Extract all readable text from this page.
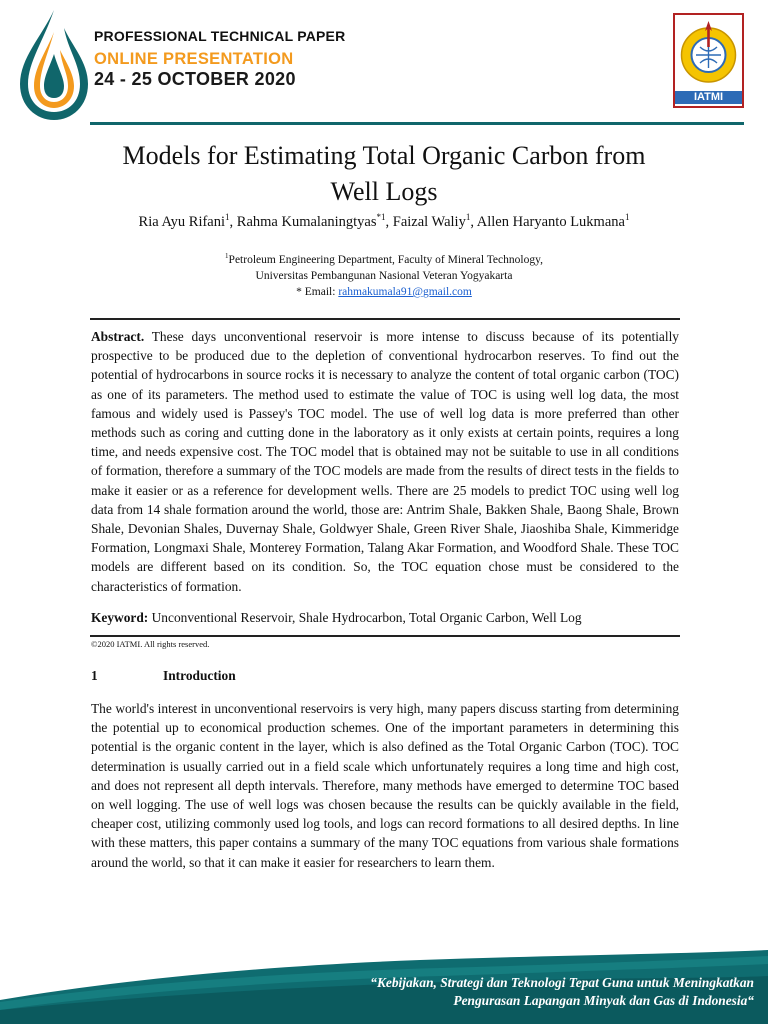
PROFESSIONAL TECHNICAL PAPER
ONLINE PRESENTATION
24 - 25 OCTOBER 2020
IATMI
Models for Estimating Total Organic Carbon from
Well Logs
Ria Ayu Rifani$^1$, Rahma Kumalaningtyas$^{*1}$, Faizal Waliy$^1$, Allen Haryanto Lukmana$^1$
$^1$Petroleum Engineering Department, Faculty of Mineral Technology,
Universitas Pembangunan Nasional Veteran Yogyakarta
* Email: rahmakumala91@gmail.com
Abstract. These days unconventional reservoir is more intense to discuss because of its potentially prospective to be produced due to the depletion of conventional hydrocarbon reserves. To find out the potential of hydrocarbons in source rocks it is necessary to analyze the content of total organic carbon (TOC) as one of its parameters. The method used to estimate the value of TOC is using well log data, the most famous and widely used is Passey's TOC model. The use of well log data is more preferred than other methods such as coring and cutting done in the laboratory as it only exists at certain points, requires a long time, and needs expensive cost. The TOC model that is obtained may not be suitable to use in all conditions of formation, therefore a summary of the TOC models are made from the results of direct tests in the fields to make it easier or as a reference for development wells. There are 25 models to predict TOC using well log data from 14 shale formation around the world, those are: Antrim Shale, Bakken Shale, Baong Shale, Brown Shale, Devonian Shales, Duvernay Shale, Goldwyer Shale, Green River Shale, Jiaoshiba Shale, Kimmeridge Formation, Longmaxi Shale, Monterey Formation, Talang Akar Formation, and Woodford Shale. These TOC models are different based on its condition. So, the TOC equation chose must be considered to the characteristics of formation.
Keyword: Unconventional Reservoir, Shale Hydrocarbon, Total Organic Carbon, Well Log
©2020 IATMI. All rights reserved.
1	Introduction
The world's interest in unconventional reservoirs is very high, many papers discuss starting from determining the potential up to economical production schemes. One of the important parameters in determining this potential is the organic content in the layer, which is also defined as the Total Organic Carbon (TOC). TOC determination is usually carried out in a field scale which unfortunately requires a long time and high cost, and does not represent all depth intervals. Therefore, many methods have emerged to determine TOC based on well logging. The use of well logs was chosen because the results can be quickly available in the field, cheaper cost, utilizing commonly used log tools, and logs can record formations to all desired depths. In line with these matters, this paper contains a summary of the many TOC equations from various shale formations around the world, so that it can make it easier for researchers to learn them.
“Kebijakan, Strategi dan Teknologi Tepat Guna untuk Meningkatkan
Pengurasan Lapangan Minyak dan Gas di Indonesia“
